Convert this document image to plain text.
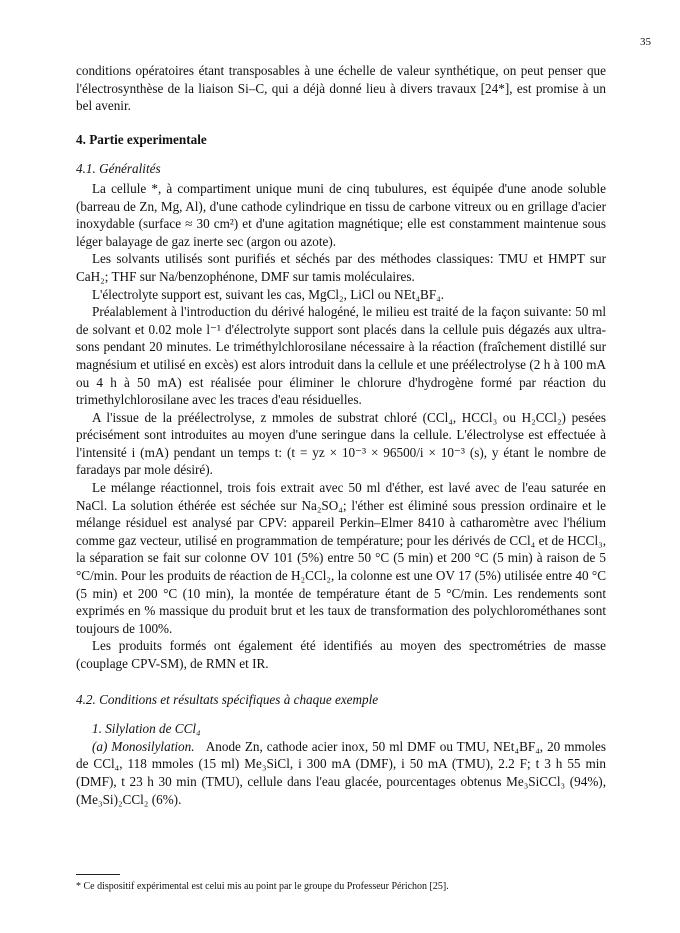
35

conditions opératoires étant transposables à une échelle de valeur synthétique, on peut penser que l'électrosynthèse de la liaison Si–C, qui a déjà donné lieu à divers travaux [24*], est promise à un bel avenir.

4. Partie experimentale
4.1. Généralités

La cellule *, à compartiment unique muni de cinq tubulures, est équipée d'une anode soluble (barreau de Zn, Mg, Al), d'une cathode cylindrique en tissu de carbone vitreux ou en grillage d'acier inoxydable (surface ≈ 30 cm²) et d'une agitation magnétique; elle est constamment maintenue sous léger balayage de gaz inerte sec (argon ou azote).

Les solvants utilisés sont purifiés et séchés par des méthodes classiques: TMU et HMPT sur CaH₂; THF sur Na/benzophénone, DMF sur tamis moléculaires.

L'électrolyte support est, suivant les cas, MgCl₂, LiCl ou NEt₄BF₄.

Préalablement à l'introduction du dérivé halogéné, le milieu est traité de la façon suivante: 50 ml de solvant et 0.02 mole l⁻¹ d'électrolyte support sont placés dans la cellule puis dégazés aux ultra-sons pendant 20 minutes. Le triméthylchlorosilane nécessaire à la réaction (fraîchement distillé sur magnésium et utilisé en excès) est alors introduit dans la cellule et une préélectrolyse (2 h à 100 mA ou 4 h à 50 mA) est réalisée pour éliminer le chlorure d'hydrogène formé par réaction du trimethylchlorosilane avec les traces d'eau résiduelles.

A l'issue de la préélectrolyse, z mmoles de substrat chloré (CCl₄, HCCl₃ ou H₂CCl₂) pesées précisément sont introduites au moyen d'une seringue dans la cellule. L'électrolyse est effectuée à l'intensité i (mA) pendant un temps t: (t = yz × 10⁻³ × 96500/i × 10⁻³ (s), y étant le nombre de faradays par mole désiré).

Le mélange réactionnel, trois fois extrait avec 50 ml d'éther, est lavé avec de l'eau saturée en NaCl. La solution éthérée est séchée sur Na₂SO₄; l'éther est éliminé sous pression ordinaire et le mélange résiduel est analysé par CPV: appareil Perkin–Elmer 8410 à catharomètre avec l'hélium comme gaz vecteur, utilisé en programmation de température; pour les dérivés de CCl₄ et de HCCl₃, la séparation se fait sur colonne OV 101 (5%) entre 50 °C (5 min) et 200 °C (5 min) à raison de 5 °C/min. Pour les produits de réaction de H₂CCl₂, la colonne est une OV 17 (5%) utilisée entre 40 °C (5 min) et 200 °C (10 min), la montée de température étant de 5 °C/min. Les rendements sont exprimés en % massique du produit brut et les taux de transformation des polychlorométhanes sont toujours de 100%.

Les produits formés ont également été identifiés au moyen des spectrométries de masse (couplage CPV-SM), de RMN et IR.

4.2. Conditions et résultats spécifiques à chaque exemple
1. Silylation de CCl₄

(a) Monosilylation. Anode Zn, cathode acier inox, 50 ml DMF ou TMU, NEt₄BF₄, 20 mmoles de CCl₄, 118 mmoles (15 ml) Me₃SiCl, i 300 mA (DMF), i 50 mA (TMU), 2.2 F; t 3 h 55 min (DMF), t 23 h 30 min (TMU), cellule dans l'eau glacée, pourcentages obtenus Me₃SiCCl₃ (94%), (Me₃Si)₂CCl₂ (6%).

* Ce dispositif expérimental est celui mis au point par le groupe du Professeur Périchon [25].
